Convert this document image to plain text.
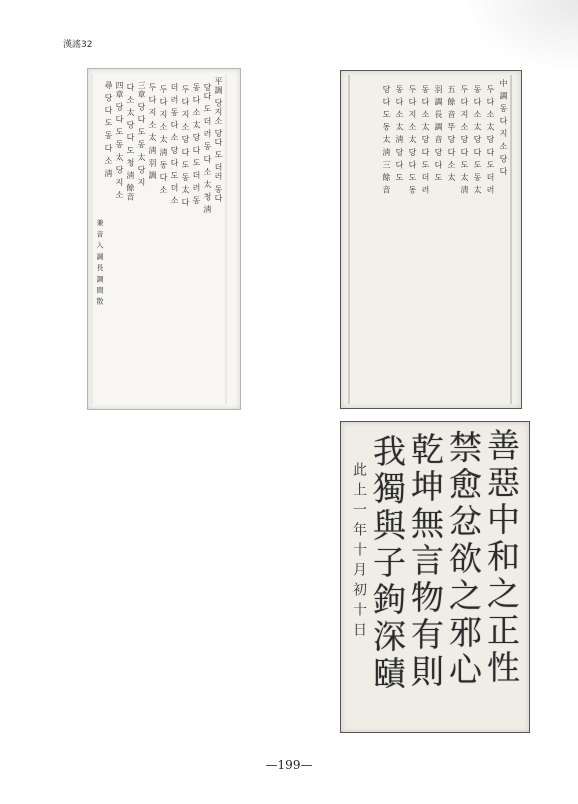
漢謠32
平調 당지소 당다 도 더러 동다
당다 도 더 러 동 다 소 太 청 淸
동 다 소 太 당 다 도 더 러 동
두 다 지 소 당 다 도 동 太 다
더 러 동 다 소 당 다 도 더 소
두 다 지 소 太 淸 동 다 소
두 다 지 소 太 淸 羽 調
三章 당 다 도 동 太 당 지
다 소 太 당 다 도 청 淸 餘音
四章 당 다 도 동 太 당 지 소
尋 당 다 도 동 다 소 淸
兼 音 入 調 長 調 間 散
中 調 동 다 지 소 당 다
두 다 소 太 당 다 도 더 러
동 다 소 太 당 다 도 동 太
두 다 지 소 당 다 도 太 淸
五 餘 音 뚜 당 다 소 太
羽 調 長 調 音 당 다 도
동 다 소 太 당 다 도 더 러
두 다 지 소 太 당 다 도 동
동 다 소 太 淸 당 다 도
당 다 도 동 太 淸 三 餘 音
善惡中和之正性
禁愈忿欲之邪心
乾坤無言物有則
我獨與子鉤深賾
此上一年十月初十日
—199—
